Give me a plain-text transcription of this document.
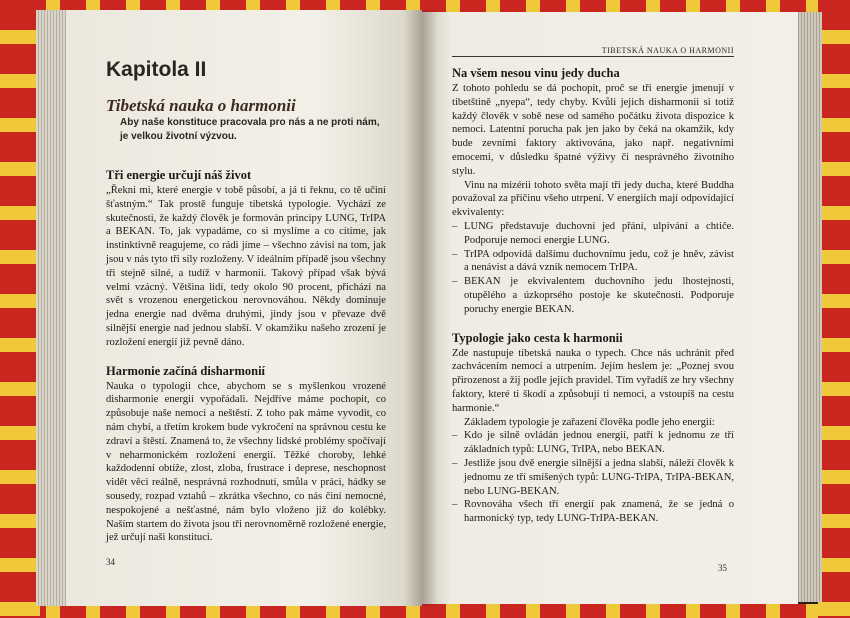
Kapitola II
Tibetská nauka o harmonii
Aby naše konstituce pracovala pro nás a ne proti nám, je velkou životní výzvou.
Tři energie určují náš život

„Řekni mi, které energie v tobě působí, a já ti řeknu, co tě učiní šťastným.“ Tak prostě funguje tibetská typologie. Vychází ze skutečnosti, že každý člověk je formován principy LUNG, TrIPA a BEKAN. To, jak vypadáme, co si myslíme a co cítíme, jak instinktivně reagujeme, co rádi jíme – všechno závisí na tom, jak jsou v nás tyto tři síly rozloženy. V ideálním případě jsou všechny tři stejně silné, a tudíž v harmonii. Takový případ však bývá velmi vzácný. Většina lidí, tedy okolo 90 procent, přichází na svět s vrozenou energetickou nerovnováhou. Někdy dominuje jedna energie nad dvěma druhými, jindy jsou v převaze dvě silnější energie nad jednou slabší. V okamžiku našeho zrození je rozložení energií již pevně dáno.

Harmonie začíná disharmonií

Nauka o typologii chce, abychom se s myšlenkou vrozené disharmonie energií vypořádali. Nejdříve máme pochopit, co způsobuje naše nemoci a neštěstí. Z toho pak máme vyvodit, co nám chybí, a třetím krokem bude vykročení na správnou cestu ke zdraví a štěstí. Znamená to, že všechny lidské problémy spočívají v neharmonickém rozložení energií. Těžké choroby, lehké každodenní obtíže, zlost, zloba, frustrace i deprese, neschopnost vidět věci reálně, nesprávná rozhodnutí, smůla v práci, hádky se sousedy, rozpad vztahů – zkrátka všechno, co nás činí nemocné, nespokojené a nešťastné, nám bylo vloženo již do kolébky. Naším startem do života jsou tři nerovnoměrně rozložené energie, jež určují naši konstituci.

34
TIBETSKÁ NAUKA O HARMONII
Na všem nesou vinu jedy ducha

Z tohoto pohledu se dá pochopit, proč se tři energie jmenují v tibetštině „nyepa“, tedy chyby. Kvůli jejich disharmonii si totiž každý člověk v sobě nese od samého počátku života dispozice k nemoci. Latentní porucha pak jen jako by čeká na okamžik, kdy bude zevními faktory aktivována, jako např. negativními emocemi, v důsledku špatné výživy či nesprávného životního stylu.

Vinu na mizérii tohoto světa mají tři jedy ducha, které Buddha považoval za příčinu všeho utrpení. V energiích mají odpovídající ekvivalenty:

– LUNG představuje duchovní jed přání, ulpívání a chtiče. Podporuje nemoci energie LUNG.
– TrIPA odpovídá dalšímu duchovnímu jedu, což je hněv, závist a nenávist a dává vznik nemocem TrIPA.
– BEKAN je ekvivalentem duchovního jedu lhostejnosti, otupělého a úzkoprsého postoje ke skutečnosti. Podporuje poruchy energie BEKAN.
Typologie jako cesta k harmonii

Zde nastupuje tibetská nauka o typech. Chce nás uchránit před zachvácením nemocí a utrpením. Jejím heslem je: „Poznej svou přirozenost a žij podle jejích pravidel. Tím vyřadíš ze hry všechny faktory, které ti škodí a způsobují ti nemoci, a vstoupíš na cestu harmonie.“

Základem typologie je zařazení člověka podle jeho energií:

– Kdo je silně ovládán jednou energií, patří k jednomu ze tří základních typů: LUNG, TrIPA, nebo BEKAN.
– Jestliže jsou dvě energie silnější a jedna slabší, náleží člověk k jednomu ze tří smíšených typů: LUNG-TrIPA, TrIPA-BEKAN, nebo LUNG-BEKAN.
– Rovnováha všech tří energií pak znamená, že se jedná o harmonický typ, tedy LUNG-TrIPA-BEKAN.
35
